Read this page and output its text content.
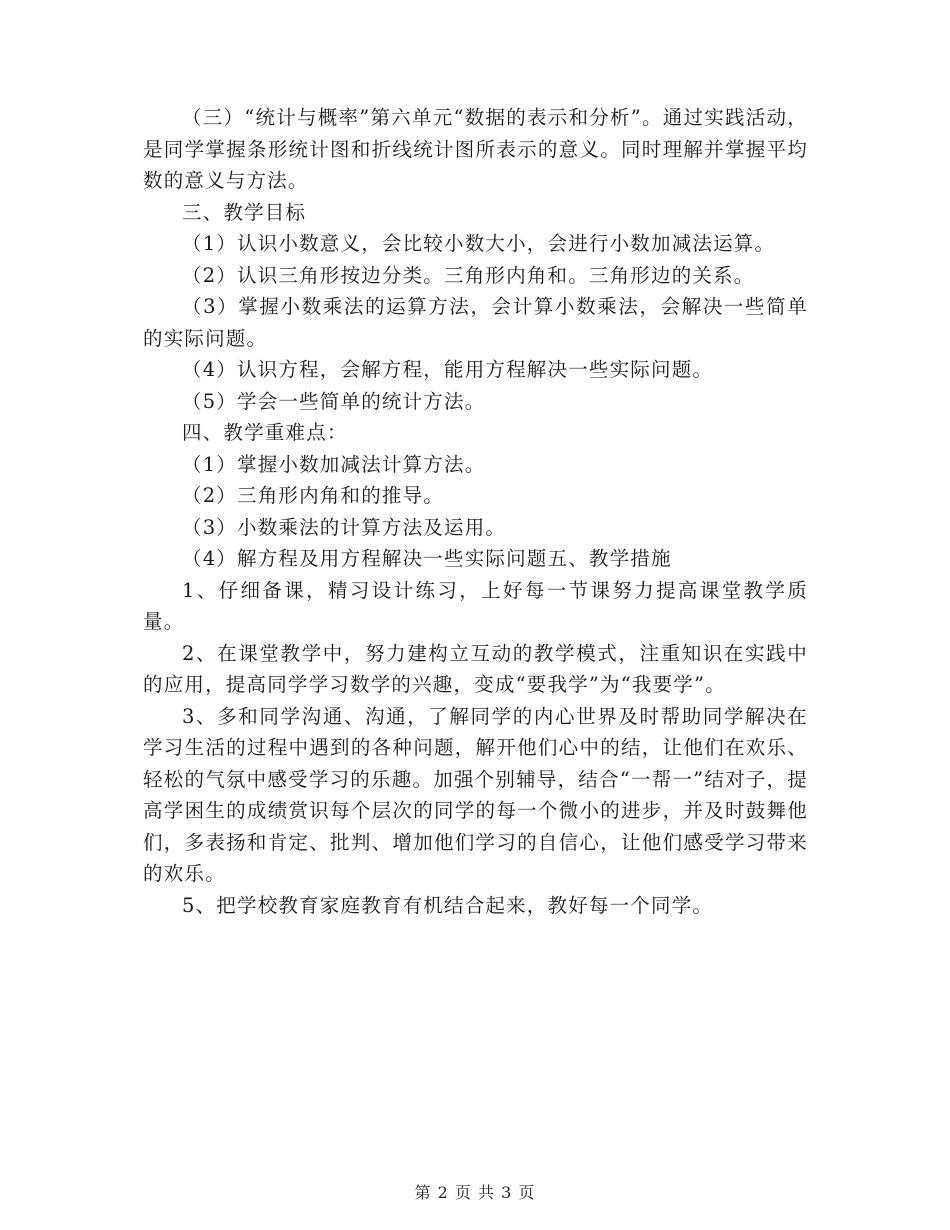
（三）“统计与概率”第六单元“数据的表示和分析”。通过实践活动，是同学掌握条形统计图和折线统计图所表示的意义。同时理解并掌握平均数的意义与方法。

三、教学目标

（1）认识小数意义，会比较小数大小，会进行小数加减法运算。

（2）认识三角形按边分类。三角形内角和。三角形边的关系。

（3）掌握小数乘法的运算方法，会计算小数乘法，会解决一些简单的实际问题。

（4）认识方程，会解方程，能用方程解决一些实际问题。

（5）学会一些简单的统计方法。

四、教学重难点：

（1）掌握小数加减法计算方法。

（2）三角形内角和的推导。

（3）小数乘法的计算方法及运用。

（4）解方程及用方程解决一些实际问题五、教学措施

1、仔细备课，精习设计练习，上好每一节课努力提高课堂教学质量。

2、在课堂教学中，努力建构立互动的教学模式，注重知识在实践中的应用，提高同学学习数学的兴趣，变成“要我学”为“我要学”。

3、多和同学沟通、沟通，了解同学的内心世界及时帮助同学解决在学习生活的过程中遇到的各种问题，解开他们心中的结，让他们在欢乐、轻松的气氛中感受学习的乐趣。加强个别辅导，结合“一帮一”结对子，提高学困生的成绩赏识每个层次的同学的每一个微小的进步，并及时鼓舞他们，多表扬和肯定、批判、增加他们学习的自信心，让他们感受学习带来的欢乐。

5、把学校教育家庭教育有机结合起来，教好每一个同学。

第 2 页 共 3 页
